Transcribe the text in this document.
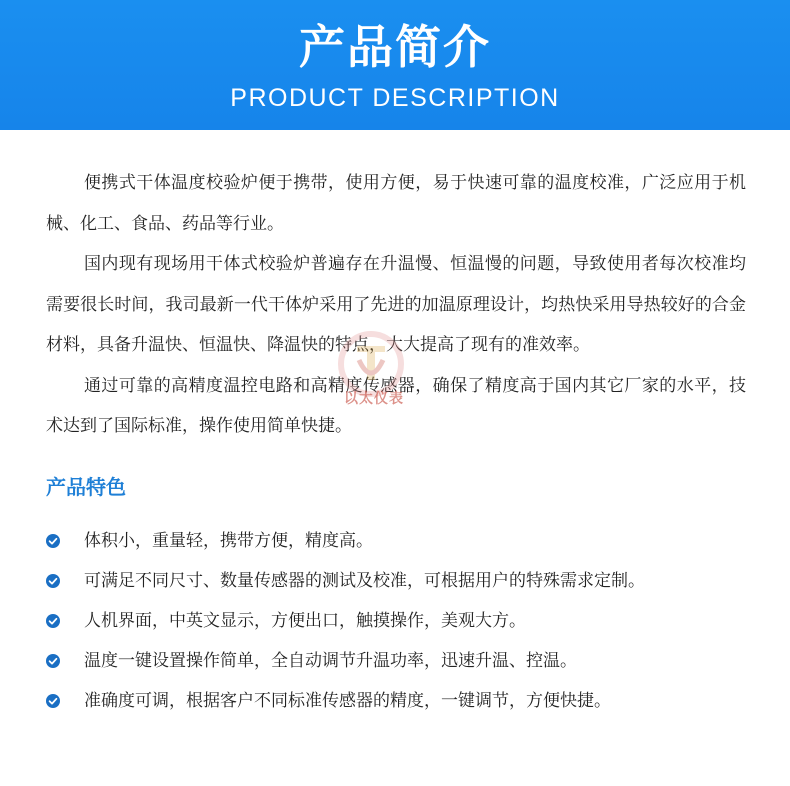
产品简介
PRODUCT DESCRIPTION

便携式干体温度校验炉便于携带，使用方便，易于快速可靠的温度校准，广泛应用于机械、化工、食品、药品等行业。

国内现有现场用干体式校验炉普遍存在升温慢、恒温慢的问题，导致使用者每次校准均需要很长时间，我司最新一代干体炉采用了先进的加温原理设计，均热快采用导热较好的合金材料，具备升温快、恒温快、降温快的特点，大大提高了现有的准效率。

通过可靠的高精度温控电路和高精度传感器，确保了精度高于国内其它厂家的水平，技术达到了国际标准，操作使用简单快捷。

以太仪表
产品特色
体积小，重量轻，携带方便，精度高。
可满足不同尺寸、数量传感器的测试及校准，可根据用户的特殊需求定制。
人机界面，中英文显示，方便出口，触摸操作，美观大方。
温度一键设置操作简单，全自动调节升温功率，迅速升温、控温。
准确度可调，根据客户不同标准传感器的精度，一键调节，方便快捷。
